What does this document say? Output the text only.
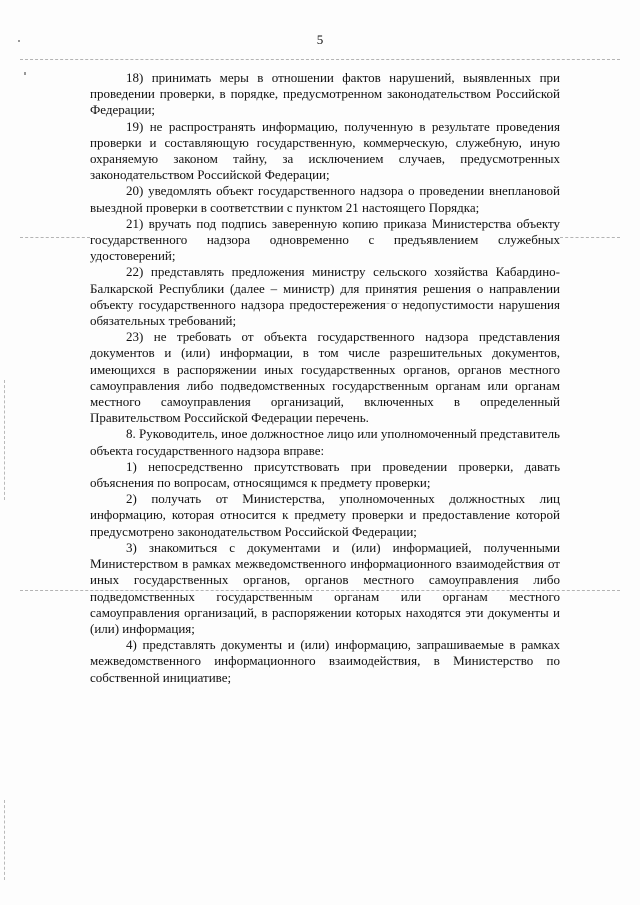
5

18) принимать меры в отношении фактов нарушений, выявленных при проведении проверки, в порядке, предусмотренном законодательством Российской Федерации;

19) не распространять информацию, полученную в результате проведения проверки и составляющую государственную, коммерческую, служебную, иную охраняемую законом тайну, за исключением случаев, предусмотренных законодательством Российской Федерации;

20) уведомлять объект государственного надзора о проведении внеплановой выездной проверки в соответствии с пунктом 21 настоящего Порядка;

21) вручать под подпись заверенную копию приказа Министерства объекту государственного надзора одновременно с предъявлением служебных удостоверений;

22) представлять предложения министру сельского хозяйства Кабардино-Балкарской Республики (далее – министр) для принятия решения о направлении объекту государственного надзора предостережения о недопустимости нарушения обязательных требований;

23) не требовать от объекта государственного надзора представления документов и (или) информации, в том числе разрешительных документов, имеющихся в распоряжении иных государственных органов, органов местного самоуправления либо подведомственных государственным органам или органам местного самоуправления организаций, включенных в определенный Правительством Российской Федерации перечень.

8. Руководитель, иное должностное лицо или уполномоченный представитель объекта государственного надзора вправе:

1) непосредственно присутствовать при проведении проверки, давать объяснения по вопросам, относящимся к предмету проверки;

2) получать от Министерства, уполномоченных должностных лиц информацию, которая относится к предмету проверки и предоставление которой предусмотрено законодательством Российской Федерации;

3) знакомиться с документами и (или) информацией, полученными Министерством в рамках межведомственного информационного взаимодействия от иных государственных органов, органов местного самоуправления либо подведомственных государственным органам или органам местного самоуправления организаций, в распоряжении которых находятся эти документы и (или) информация;

4) представлять документы и (или) информацию, запрашиваемые в рамках межведомственного информационного взаимодействия, в Министерство по собственной инициативе;
